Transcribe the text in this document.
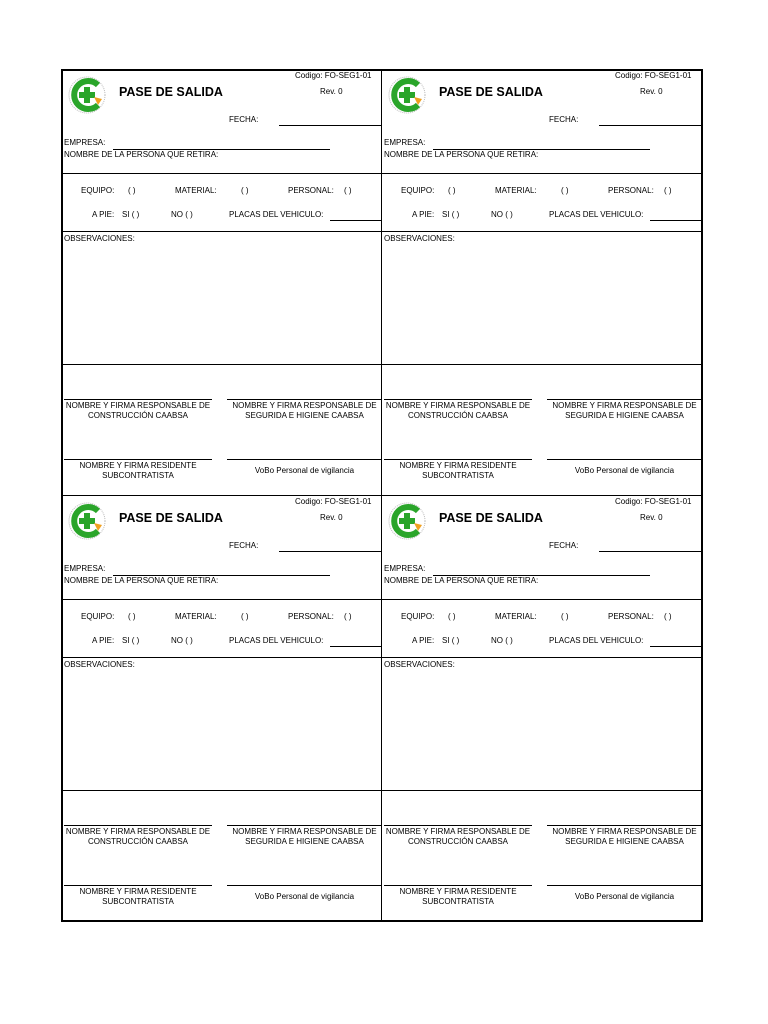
PASE DE SALIDA
Codigo: FO-SEG1-01
Rev. 0
FECHA:
EMPRESA:
NOMBRE DE LA PERSONA QUE RETIRA:
EQUIPO: ( )	MATERIAL:	( )	PERSONAL: ( )
A PIE: SI ( )	NO ( )	PLACAS DEL VEHICULO:
OBSERVACIONES:
NOMBRE Y FIRMA RESPONSABLE DE CONSTRUCCIÓN CAABSA
NOMBRE Y FIRMA RESPONSABLE DE SEGURIDA E HIGIENE CAABSA
NOMBRE Y FIRMA RESIDENTE SUBCONTRATISTA
VoBo Personal de vigilancia
PASE DE SALIDA
Codigo: FO-SEG1-01
Rev. 0
FECHA:
EMPRESA:
NOMBRE DE LA PERSONA QUE RETIRA:
EQUIPO: ( )	MATERIAL:	( )	PERSONAL: ( )
A PIE: SI ( )	NO ( )	PLACAS DEL VEHICULO:
OBSERVACIONES:
NOMBRE Y FIRMA RESPONSABLE DE CONSTRUCCIÓN CAABSA
NOMBRE Y FIRMA RESPONSABLE DE SEGURIDA E HIGIENE CAABSA
NOMBRE Y FIRMA RESIDENTE SUBCONTRATISTA
VoBo Personal de vigilancia
PASE DE SALIDA
Codigo: FO-SEG1-01
Rev. 0
FECHA:
EMPRESA:
NOMBRE DE LA PERSONA QUE RETIRA:
EQUIPO: ( )	MATERIAL:	( )	PERSONAL: ( )
A PIE: SI ( )	NO ( )	PLACAS DEL VEHICULO:
OBSERVACIONES:
NOMBRE Y FIRMA RESPONSABLE DE CONSTRUCCIÓN CAABSA
NOMBRE Y FIRMA RESPONSABLE DE SEGURIDA E HIGIENE CAABSA
NOMBRE Y FIRMA RESIDENTE SUBCONTRATISTA
VoBo Personal de vigilancia
PASE DE SALIDA
Codigo: FO-SEG1-01
Rev. 0
FECHA:
EMPRESA:
NOMBRE DE LA PERSONA QUE RETIRA:
EQUIPO: ( )	MATERIAL:	( )	PERSONAL: ( )
A PIE: SI ( )	NO ( )	PLACAS DEL VEHICULO:
OBSERVACIONES:
NOMBRE Y FIRMA RESPONSABLE DE CONSTRUCCIÓN CAABSA
NOMBRE Y FIRMA RESPONSABLE DE SEGURIDA E HIGIENE CAABSA
NOMBRE Y FIRMA RESIDENTE SUBCONTRATISTA
VoBo Personal de vigilancia
